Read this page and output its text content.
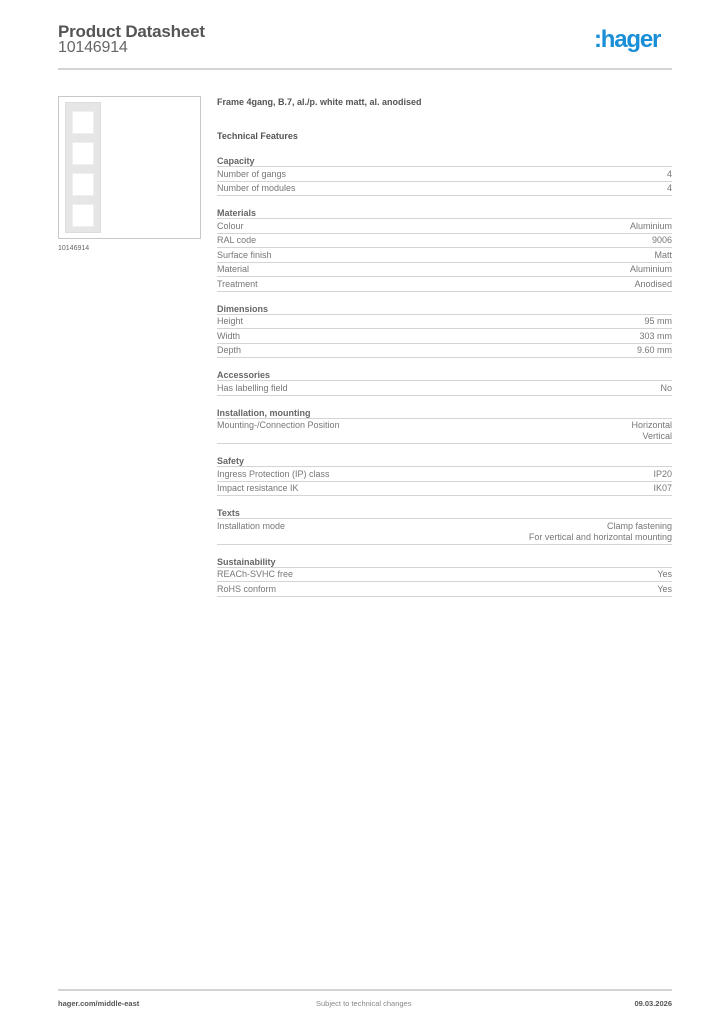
Product Datasheet
10146914	:hager
10146914
Frame 4gang, B.7, al./p. white matt, al. anodised
Technical Features
Capacity
Number of gangs	4
Number of modules	4
Materials
Colour	Aluminium
RAL code	9006
Surface finish	Matt
Material	Aluminium
Treatment	Anodised
Dimensions
Height	95 mm
Width	303 mm
Depth	9.60 mm
Accessories
Has labelling field	No
Installation, mounting
Mounting-/Connection Position	Horizontal
Vertical
Safety
Ingress Protection (IP) class	IP20
Impact resistance IK	IK07
Texts
Installation mode	Clamp fastening
For vertical and horizontal mounting
Sustainability
REACh-SVHC free	Yes
RoHS conform	Yes
hager.com/middle-east	Subject to technical changes	09.03.2026
